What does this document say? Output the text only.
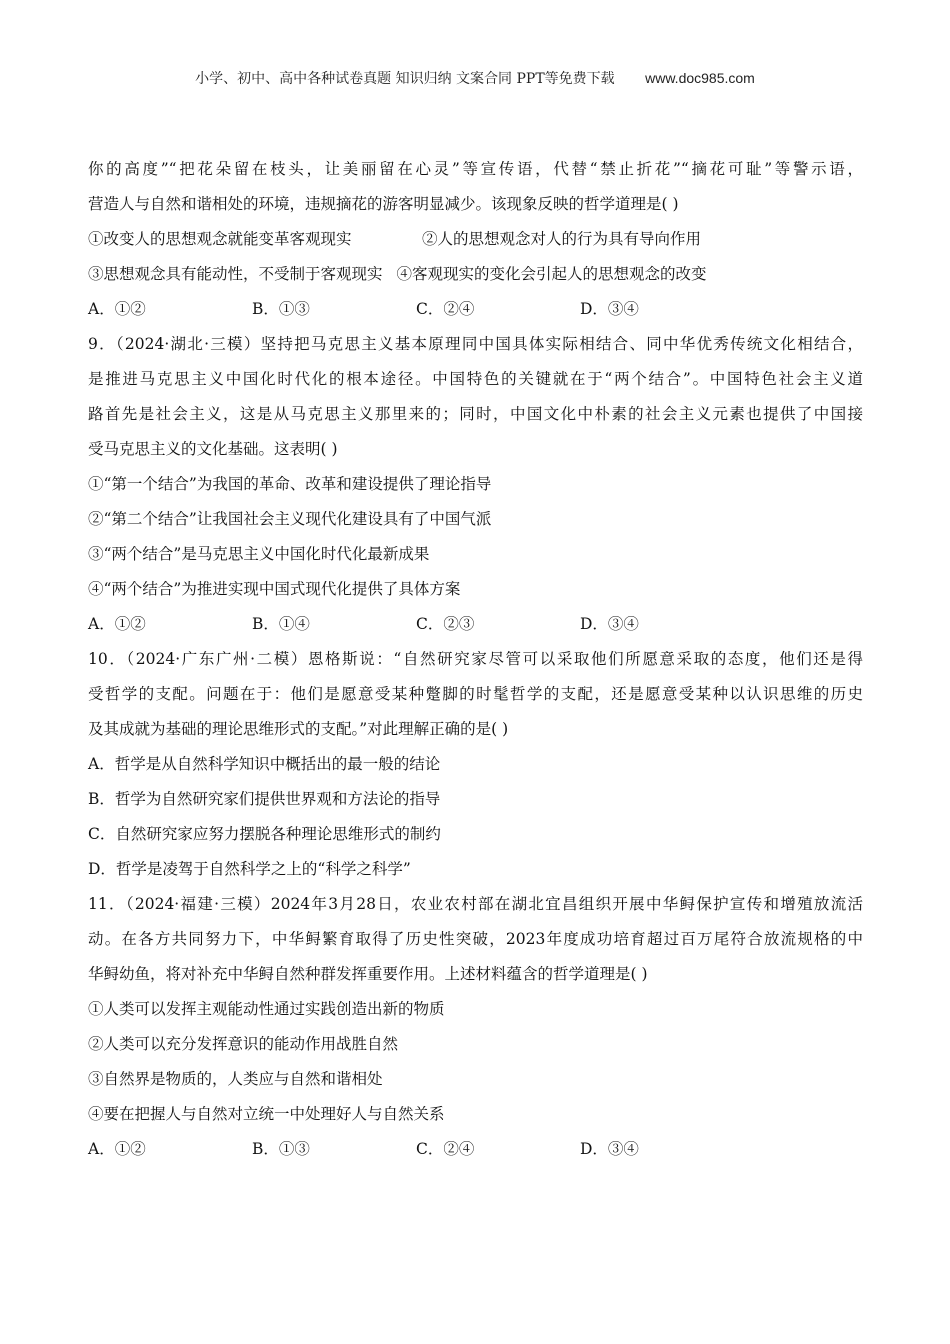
小学、初中、高中各种试卷真题 知识归纳 文案合同 PPT等免费下载 www.doc985.com
你的高度”“把花朵留在枝头，让美丽留在心灵”等宣传语，代替“禁止折花”“摘花可耻”等警示语，
营造人与自然和谐相处的环境，违规摘花的游客明显减少。该现象反映的哲学道理是( )
①改变人的思想观念就能变革客观现实	②人的思想观念对人的行为具有导向作用
③思想观念具有能动性，不受制于客观现实 ④客观现实的变化会引起人的思想观念的改变
A．①②	B．①③	C．②④	D．③④
9．（2024·湖北·三模）坚持把马克思主义基本原理同中国具体实际相结合、同中华优秀传统文化相结合，
是推进马克思主义中国化时代化的根本途径。中国特色的关键就在于“两个结合”。中国特色社会主义道
路首先是社会主义，这是从马克思主义那里来的；同时，中国文化中朴素的社会主义元素也提供了中国接
受马克思主义的文化基础。这表明( )
①“第一个结合”为我国的革命、改革和建设提供了理论指导
②“第二个结合”让我国社会主义现代化建设具有了中国气派
③“两个结合”是马克思主义中国化时代化最新成果
④“两个结合”为推进实现中国式现代化提供了具体方案
A．①②	B．①④	C．②③	D．③④
10．（2024·广东广州·二模）恩格斯说：“自然研究家尽管可以采取他们所愿意采取的态度，他们还是得
受哲学的支配。问题在于：他们是愿意受某种蹩脚的时髦哲学的支配，还是愿意受某种以认识思维的历史
及其成就为基础的理论思维形式的支配。”对此理解正确的是( )
A．哲学是从自然科学知识中概括出的最一般的结论
B．哲学为自然研究家们提供世界观和方法论的指导
C．自然研究家应努力摆脱各种理论思维形式的制约
D．哲学是凌驾于自然科学之上的“科学之科学”
11．（2024·福建·三模）2024年3月28日，农业农村部在湖北宜昌组织开展中华鲟保护宣传和增殖放流活
动。在各方共同努力下，中华鲟繁育取得了历史性突破，2023年度成功培育超过百万尾符合放流规格的中
华鲟幼鱼，将对补充中华鲟自然种群发挥重要作用。上述材料蕴含的哲学道理是( )
①人类可以发挥主观能动性通过实践创造出新的物质
②人类可以充分发挥意识的能动作用战胜自然
③自然界是物质的，人类应与自然和谐相处
④要在把握人与自然对立统一中处理好人与自然关系
A．①②	B．①③	C．②④	D．③④
